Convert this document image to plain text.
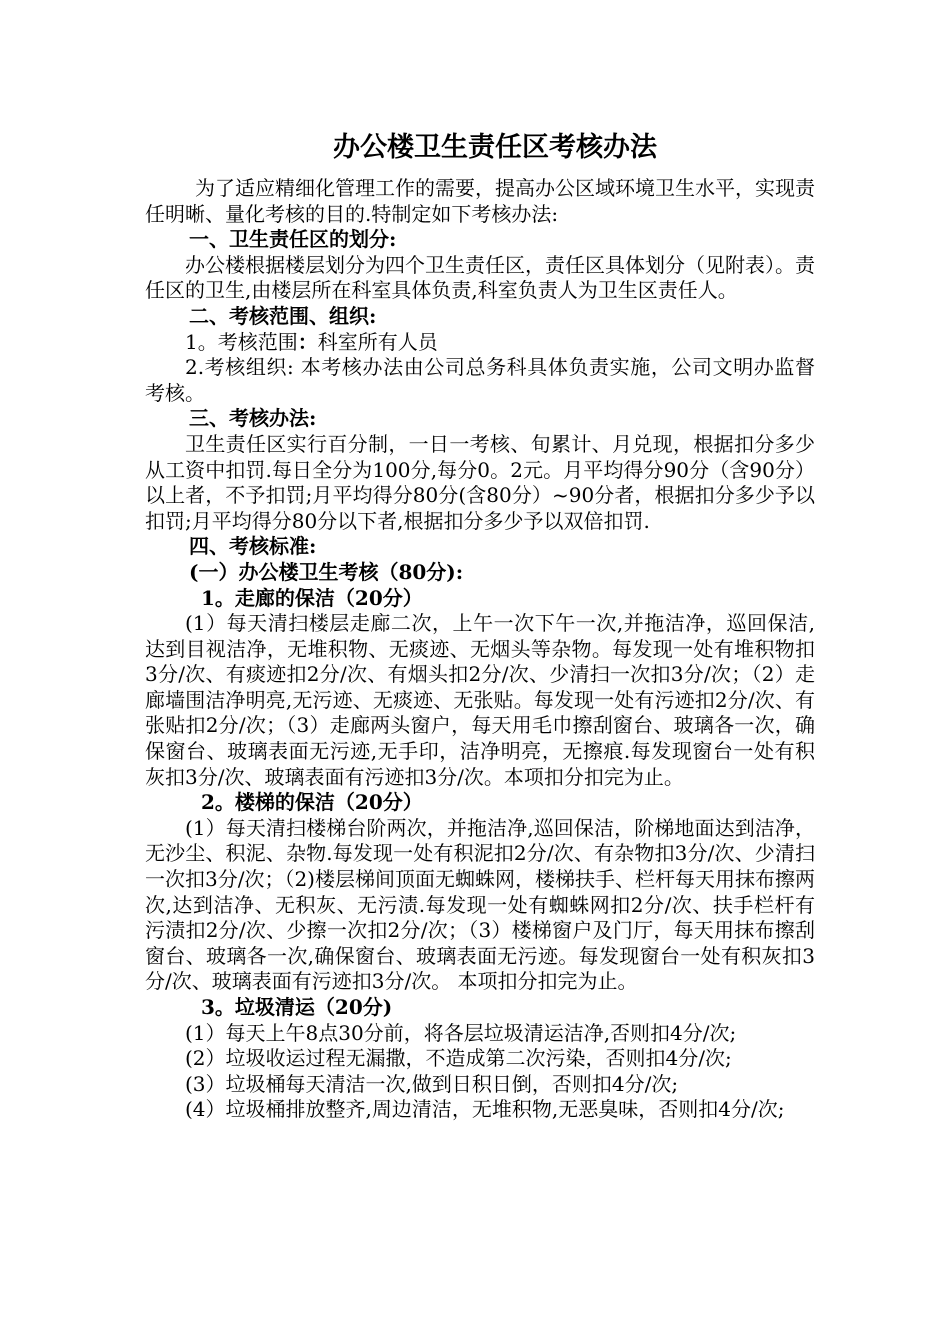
办公楼卫生责任区考核办法

为了适应精细化管理工作的需要，提高办公区域环境卫生水平，实现责任明晰、量化考核的目的.特制定如下考核办法:

一、卫生责任区的划分:

办公楼根据楼层划分为四个卫生责任区，责任区具体划分（见附表）。责任区的卫生,由楼层所在科室具体负责,科室负责人为卫生区责任人。

二、考核范围、组织:

1。考核范围：科室所有人员

2.考核组织: 本考核办法由公司总务科具体负责实施，公司文明办监督考核。

三、考核办法:

卫生责任区实行百分制，一日一考核、旬累计、月兑现，根据扣分多少从工资中扣罚.每日全分为100分,每分0。2元。月平均得分90分（含90分）以上者，不予扣罚;月平均得分80分(含80分）~90分者，根据扣分多少予以扣罚;月平均得分80分以下者,根据扣分多少予以双倍扣罚.

四、考核标准:

(一）办公楼卫生考核（80分):

1。走廊的保洁（20分）

(1）每天清扫楼层走廊二次，上午一次下午一次,并拖洁净，巡回保洁,达到目视洁净，无堆积物、无痰迹、无烟头等杂物。每发现一处有堆积物扣3分/次、有痰迹扣2分/次、有烟头扣2分/次、少清扫一次扣3分/次；（2）走廊墙围洁净明亮,无污迹、无痰迹、无张贴。每发现一处有污迹扣2分/次、有张贴扣2分/次；（3）走廊两头窗户，每天用毛巾擦刮窗台、玻璃各一次，确保窗台、玻璃表面无污迹,无手印，洁净明亮，无擦痕.每发现窗台一处有积灰扣3分/次、玻璃表面有污迹扣3分/次。本项扣分扣完为止。

2。楼梯的保洁（20分）

(1）每天清扫楼梯台阶两次，并拖洁净,巡回保洁，阶梯地面达到洁净，无沙尘、积泥、杂物.每发现一处有积泥扣2分/次、有杂物扣3分/次、少清扫一次扣3分/次；（2)楼层梯间顶面无蜘蛛网，楼梯扶手、栏杆每天用抹布擦两次,达到洁净、无积灰、无污渍.每发现一处有蜘蛛网扣2分/次、扶手栏杆有污渍扣2分/次、少擦一次扣2分/次；（3）楼梯窗户及门厅，每天用抹布擦刮窗台、玻璃各一次,确保窗台、玻璃表面无污迹。每发现窗台一处有积灰扣3分/次、玻璃表面有污迹扣3分/次。 本项扣分扣完为止。

3。垃圾清运（20分)

(1）每天上午8点30分前，将各层垃圾清运洁净,否则扣4分/次;

(2）垃圾收运过程无漏撒，不造成第二次污染，否则扣4分/次;

(3）垃圾桶每天清洁一次,做到日积日倒，否则扣4分/次;

(4）垃圾桶排放整齐,周边清洁，无堆积物,无恶臭味，否则扣4分/次;
